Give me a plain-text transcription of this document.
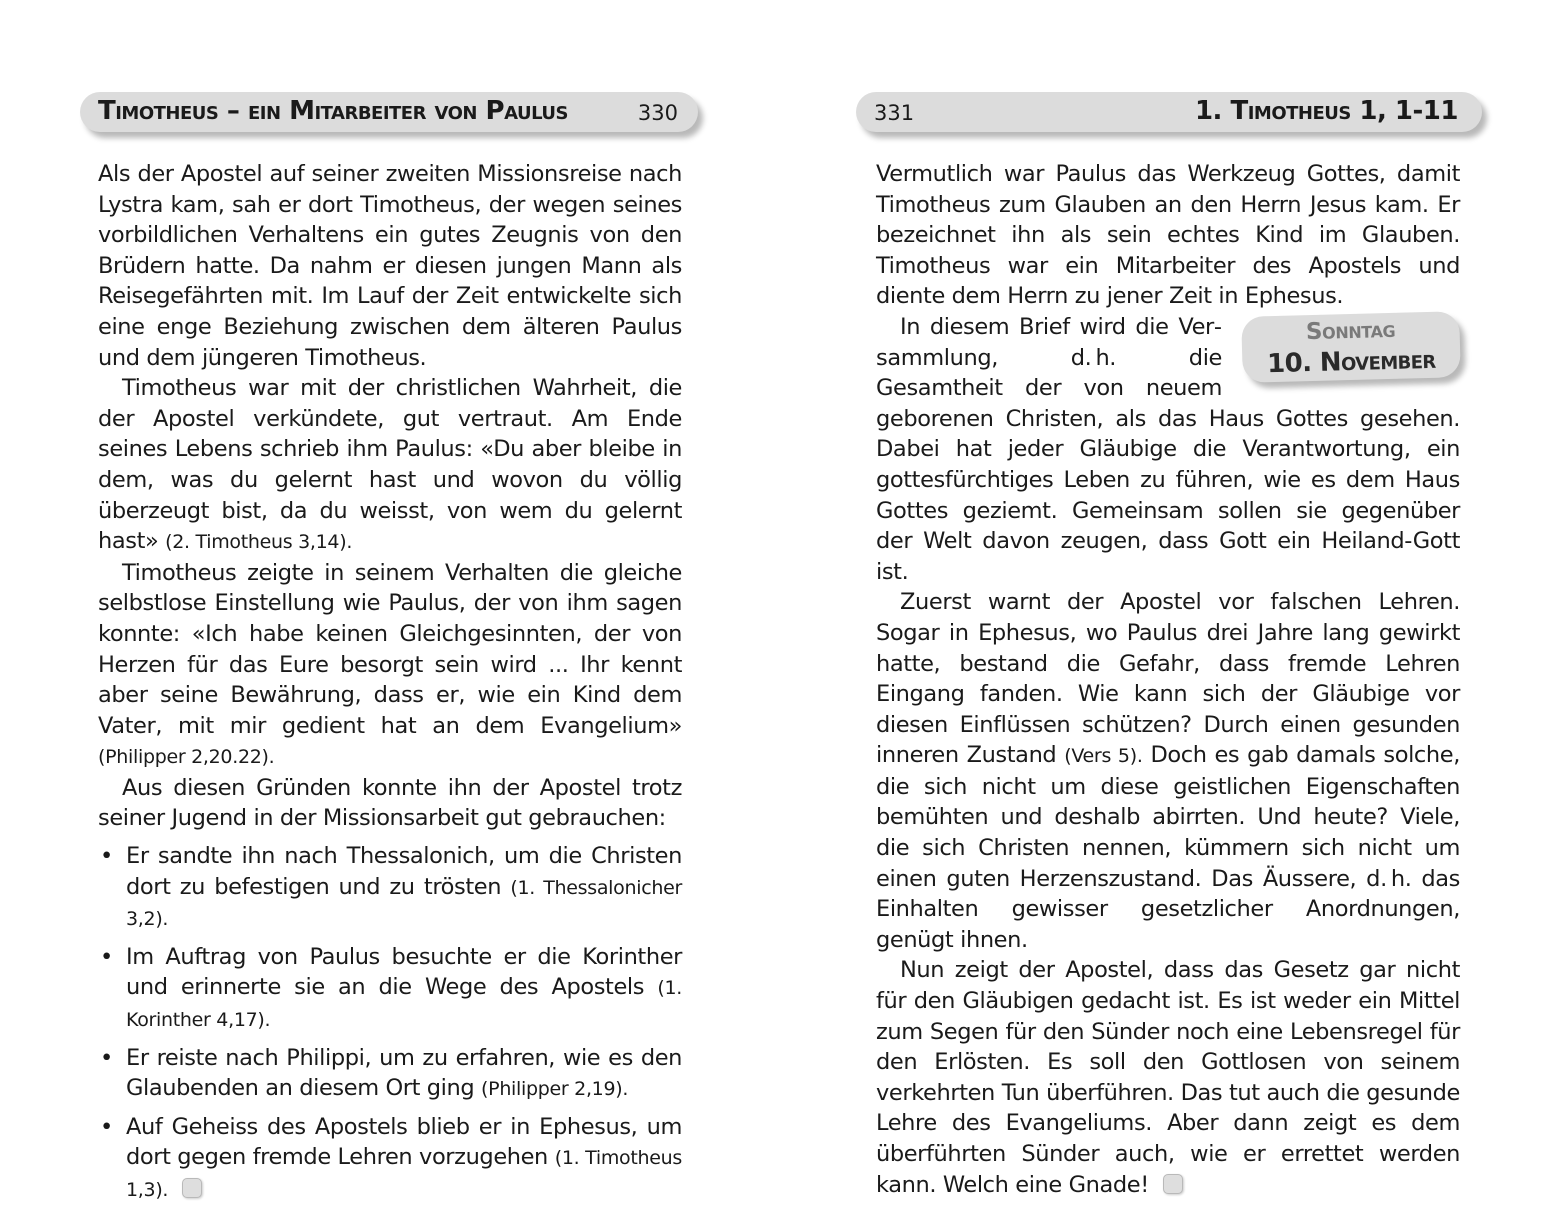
Timotheus – ein Mitarbeiter von Paulus	330

Als der Apostel auf seiner zweiten Missionsreise nach Lystra kam, sah er dort Timotheus, der wegen seines vorbildlichen Verhaltens ein gutes Zeugnis von den Brüdern hatte. Da nahm er diesen jungen Mann als Reisegefährten mit. Im Lauf der Zeit entwickelte sich eine enge Beziehung zwischen dem älteren Paulus und dem jüngeren Timotheus.

Timotheus war mit der christlichen Wahrheit, die der Apostel verkündete, gut vertraut. Am Ende seines Lebens schrieb ihm Paulus: «Du aber bleibe in dem, was du gelernt hast und wovon du völlig überzeugt bist, da du weisst, von wem du gelernt hast» (2. Timotheus 3,14).

Timotheus zeigte in seinem Verhalten die gleiche selbstlose Einstellung wie Paulus, der von ihm sagen konnte: «Ich habe keinen Gleichgesinnten, der von Herzen für das Eure besorgt sein wird ... Ihr kennt aber seine Bewährung, dass er, wie ein Kind dem Vater, mit mir gedient hat an dem Evangelium» (Philipper 2,20.22).

Aus diesen Gründen konnte ihn der Apostel trotz seiner Jugend in der Missionsarbeit gut gebrauchen:

• Er sandte ihn nach Thessalonich, um die Christen dort zu befestigen und zu trösten (1. Thessalonicher 3,2).
• Im Auftrag von Paulus besuchte er die Korinther und erinnerte sie an die Wege des Apostels (1. Korinther 4,17).
• Er reiste nach Philippi, um zu erfahren, wie es den Glaubenden an diesem Ort ging (Philipper 2,19).
• Auf Geheiss des Apostels blieb er in Ephesus, um dort gegen fremde Lehren vorzugehen (1. Timotheus 1,3).
331	1. Timotheus 1, 1-11

Vermutlich war Paulus das Werkzeug Gottes, damit Timotheus zum Glauben an den Herrn Jesus kam. Er bezeichnet ihn als sein echtes Kind im Glauben. Timotheus war ein Mitarbeiter des Apostels und diente dem Herrn zu jener Zeit in Ephesus.

Sonntag
10. November

In diesem Brief wird die Versammlung, d. h. die Gesamtheit der von neuem geborenen Christen, als das Haus Gottes gesehen. Dabei hat jeder Gläubige die Verantwortung, ein gottesfürchtiges Leben zu führen, wie es dem Haus Gottes geziemt. Gemeinsam sollen sie gegenüber der Welt davon zeugen, dass Gott ein Heiland-Gott ist.

Zuerst warnt der Apostel vor falschen Lehren. Sogar in Ephesus, wo Paulus drei Jahre lang gewirkt hatte, bestand die Gefahr, dass fremde Lehren Eingang fanden. Wie kann sich der Gläubige vor diesen Einflüssen schützen? Durch einen gesunden inneren Zustand (Vers 5). Doch es gab damals solche, die sich nicht um diese geistlichen Eigenschaften bemühten und deshalb abirrten. Und heute? Viele, die sich Christen nennen, kümmern sich nicht um einen guten Herzenszustand. Das Äussere, d. h. das Einhalten gewisser gesetzlicher Anordnungen, genügt ihnen.

Nun zeigt der Apostel, dass das Gesetz gar nicht für den Gläubigen gedacht ist. Es ist weder ein Mittel zum Segen für den Sünder noch eine Lebensregel für den Erlösten. Es soll den Gottlosen von seinem verkehrten Tun überführen. Das tut auch die gesunde Lehre des Evangeliums. Aber dann zeigt es dem überführten Sünder auch, wie er errettet werden kann. Welch eine Gnade!
